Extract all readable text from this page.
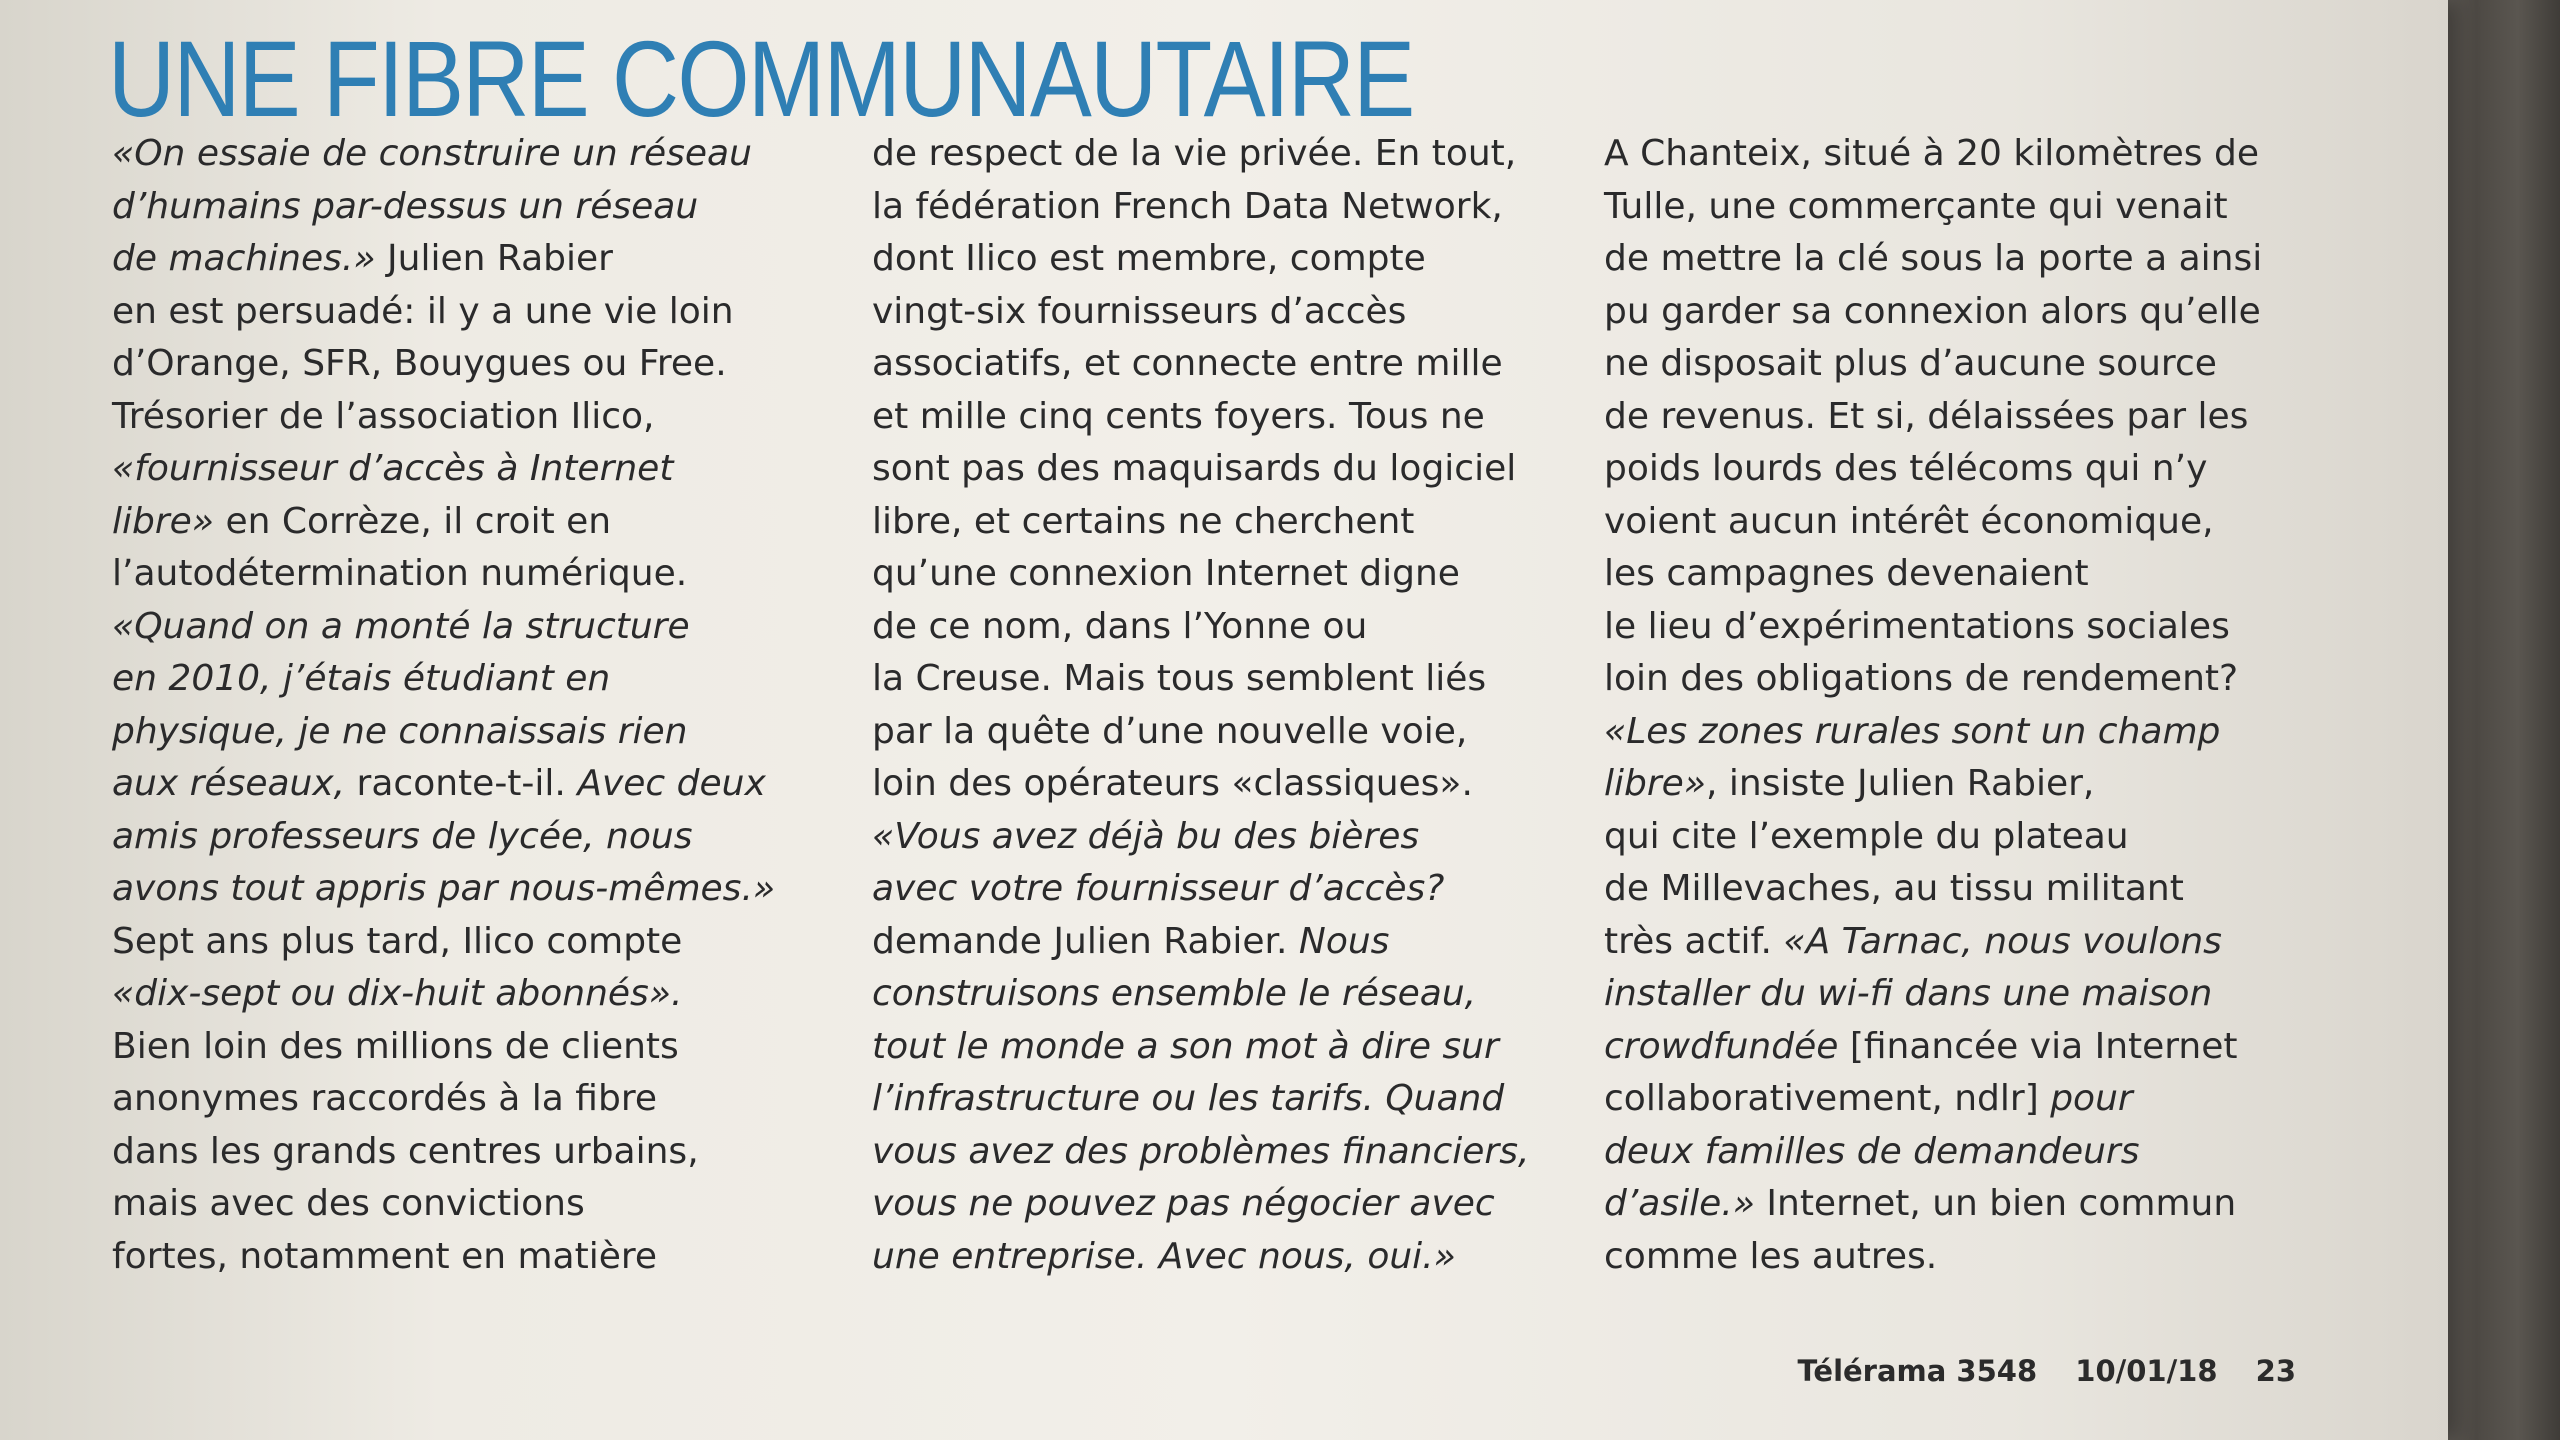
UNE FIBRE COMMUNAUTAIRE
«On essaie de construire un réseau
d’humains par-dessus un réseau
de machines.» Julien Rabier
en est persuadé: il y a une vie loin
d’Orange, SFR, Bouygues ou Free.
Trésorier de l’association Ilico,
«fournisseur d’accès à Internet
libre» en Corrèze, il croit en
l’autodétermination numérique.
«Quand on a monté la structure
en 2010, j’étais étudiant en
physique, je ne connaissais rien
aux réseaux, raconte-t-il. Avec deux
amis professeurs de lycée, nous
avons tout appris par nous-mêmes.»
Sept ans plus tard, Ilico compte
«dix-sept ou dix-huit abonnés».
Bien loin des millions de clients
anonymes raccordés à la fibre
dans les grands centres urbains,
mais avec des convictions
fortes, notamment en matière
de respect de la vie privée. En tout,
la fédération French Data Network,
dont Ilico est membre, compte
vingt-six fournisseurs d’accès
associatifs, et connecte entre mille
et mille cinq cents foyers. Tous ne
sont pas des maquisards du logiciel
libre, et certains ne cherchent
qu’une connexion Internet digne
de ce nom, dans l’Yonne ou
la Creuse. Mais tous semblent liés
par la quête d’une nouvelle voie,
loin des opérateurs «classiques».
«Vous avez déjà bu des bières
avec votre fournisseur d’accès?
demande Julien Rabier. Nous
construisons ensemble le réseau,
tout le monde a son mot à dire sur
l’infrastructure ou les tarifs. Quand
vous avez des problèmes financiers,
vous ne pouvez pas négocier avec
une entreprise. Avec nous, oui.»
A Chanteix, situé à 20 kilomètres de
Tulle, une commerçante qui venait
de mettre la clé sous la porte a ainsi
pu garder sa connexion alors qu’elle
ne disposait plus d’aucune source
de revenus. Et si, délaissées par les
poids lourds des télécoms qui n’y
voient aucun intérêt économique,
les campagnes devenaient
le lieu d’expérimentations sociales
loin des obligations de rendement?
«Les zones rurales sont un champ
libre», insiste Julien Rabier,
qui cite l’exemple du plateau
de Millevaches, au tissu militant
très actif. «A Tarnac, nous voulons
installer du wi-fi dans une maison
crowdfundée [financée via Internet
collaborativement, ndlr] pour
deux familles de demandeurs
d’asile.» Internet, un bien commun
comme les autres.
Télérama 3548 10/01/18 23
